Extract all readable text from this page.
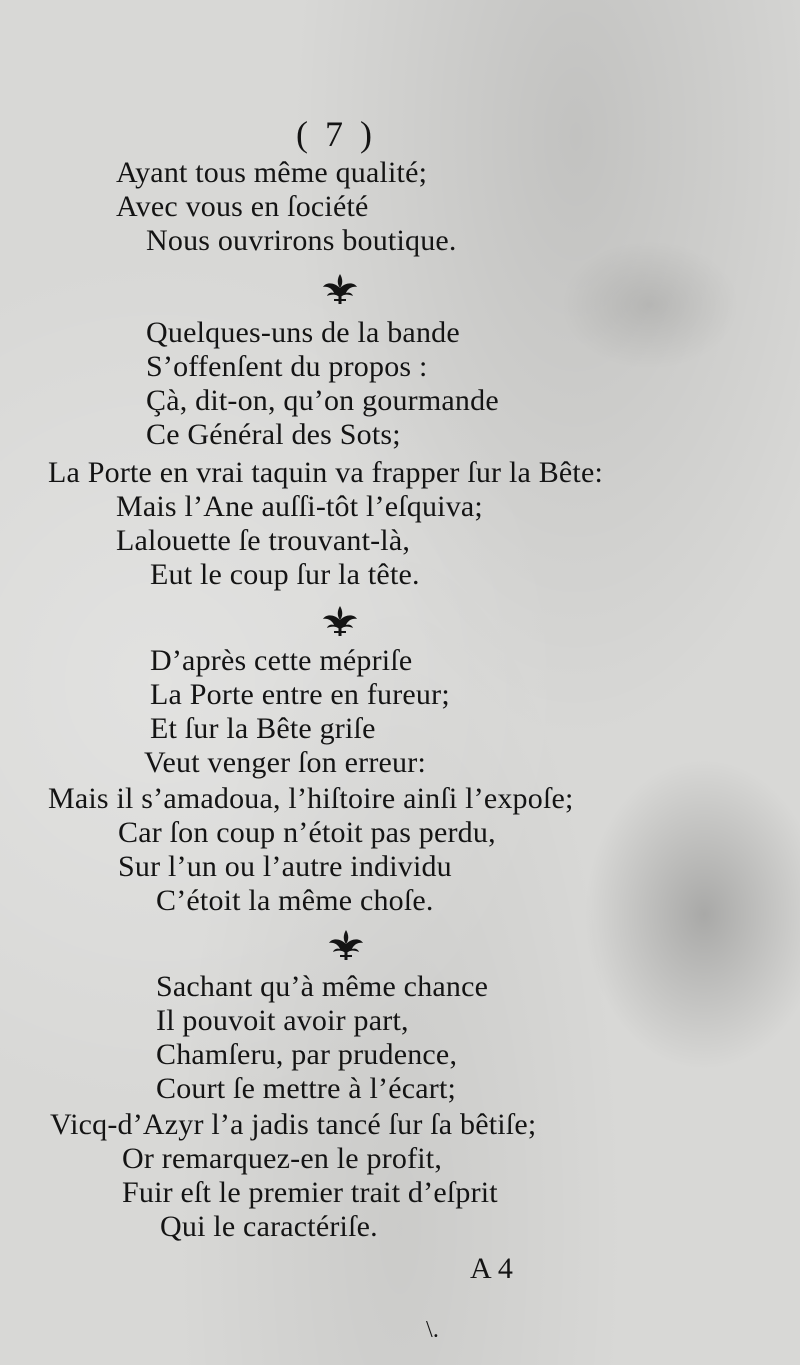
( 7 )
Ayant tous même qualité;
Avec vous en ſociété
Nous ouvrirons boutique.
Quelques-uns de la bande
S’offenſent du propos :
Çà, dit-on, qu’on gourmande
Ce Général des Sots;
La Porte en vrai taquin va frapper ſur la Bête:
Mais l’Ane auſſi-tôt l’eſquiva;
Lalouette ſe trouvant-là,
Eut le coup ſur la tête.
D’après cette mépriſe
La Porte entre en fureur;
Et ſur la Bête griſe
Veut venger ſon erreur:
Mais il s’amadoua, l’hiſtoire ainſi l’expoſe;
Car ſon coup n’étoit pas perdu,
Sur l’un ou l’autre individu
C’étoit la même choſe.
Sachant qu’à même chance
Il pouvoit avoir part,
Chamſeru, par prudence,
Court ſe mettre à l’écart;
Vicq-d’Azyr l’a jadis tancé ſur ſa bêtiſe;
Or remarquez-en le profit,
Fuir eſt le premier trait d’eſprit
Qui le caractériſe.
A 4
\.
